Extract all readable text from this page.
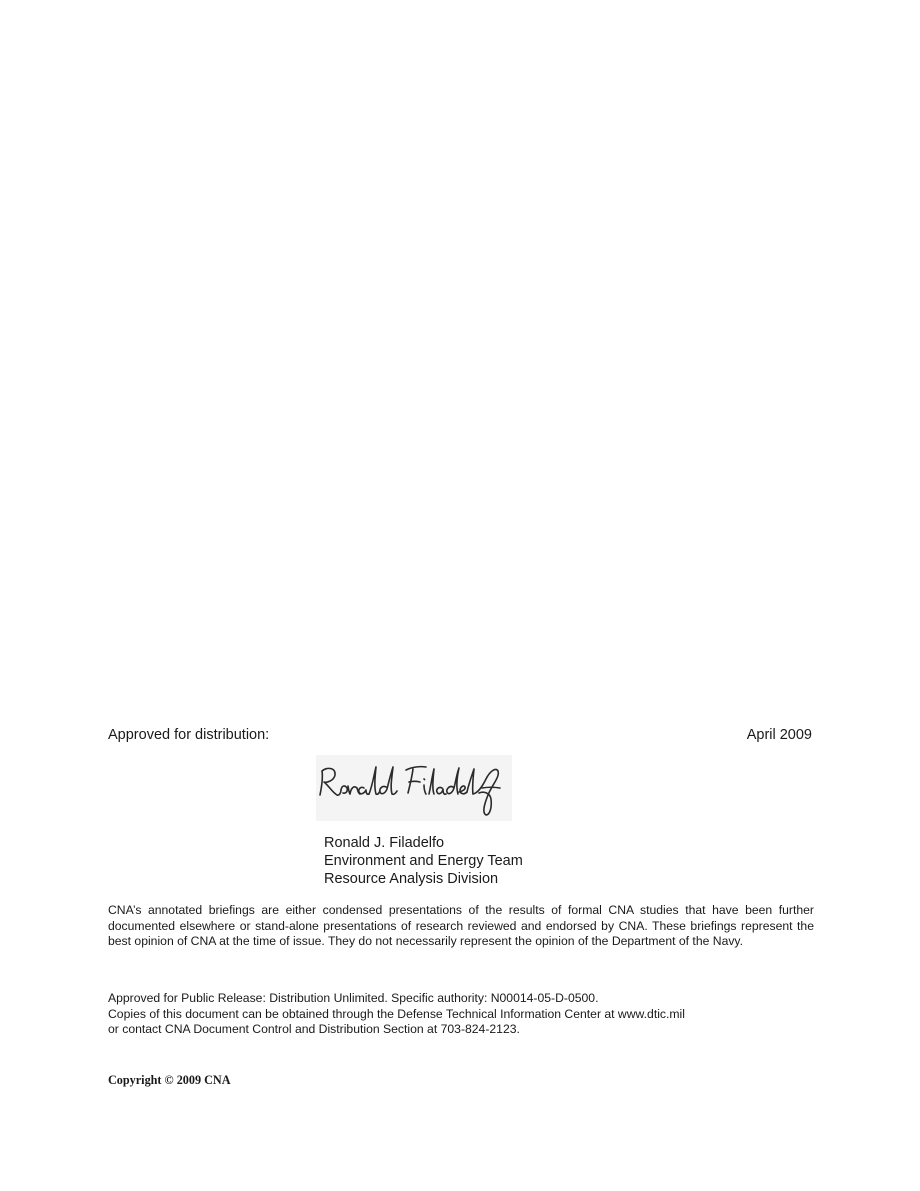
Approved for distribution:	April 2009
Ronald J. Filadelfo
Environment and Energy Team
Resource Analysis Division

CNA’s annotated briefings are either condensed presentations of the results of formal CNA studies that have been further documented elsewhere or stand-alone presentations of research reviewed and endorsed by CNA. These briefings represent the best opinion of CNA at the time of issue. They do not necessarily represent the opinion of the Department of the Navy.

Approved for Public Release: Distribution Unlimited. Specific authority: N00014-05-D-0500.
Copies of this document can be obtained through the Defense Technical Information Center at www.dtic.mil
or contact CNA Document Control and Distribution Section at 703-824-2123.
Copyright © 2009 CNA
